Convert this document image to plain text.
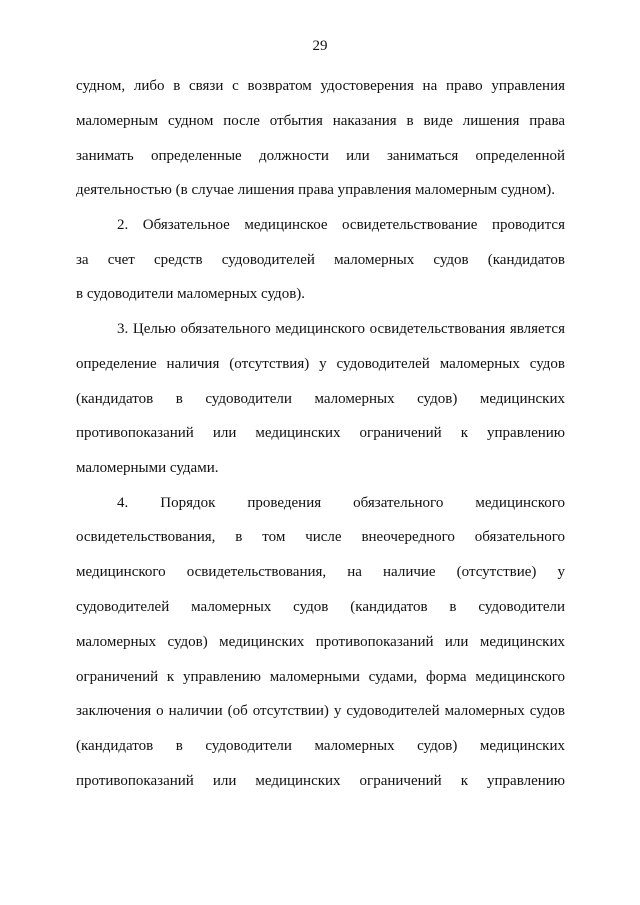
29
судном, либо в связи с возвратом удостоверения на право управления
маломерным судном после отбытия наказания в виде лишения права
занимать определенные должности или заниматься определенной
деятельностью (в случае лишения права управления маломерным судном).
2. Обязательное медицинское освидетельствование проводится
за счет средств судоводителей маломерных судов (кандидатов
в судоводители маломерных судов).
3. Целью обязательного медицинского освидетельствования является
определение наличия (отсутствия) у судоводителей маломерных судов
(кандидатов в судоводители маломерных судов) медицинских
противопоказаний или медицинских ограничений к управлению
маломерными судами.
4. Порядок проведения обязательного медицинского
освидетельствования, в том числе внеочередного обязательного
медицинского освидетельствования, на наличие (отсутствие) у
судоводителей маломерных судов (кандидатов в судоводители
маломерных судов) медицинских противопоказаний или медицинских
ограничений к управлению маломерными судами, форма медицинского
заключения о наличии (об отсутствии) у судоводителей маломерных судов
(кандидатов в судоводители маломерных судов) медицинских
противопоказаний или медицинских ограничений к управлению
